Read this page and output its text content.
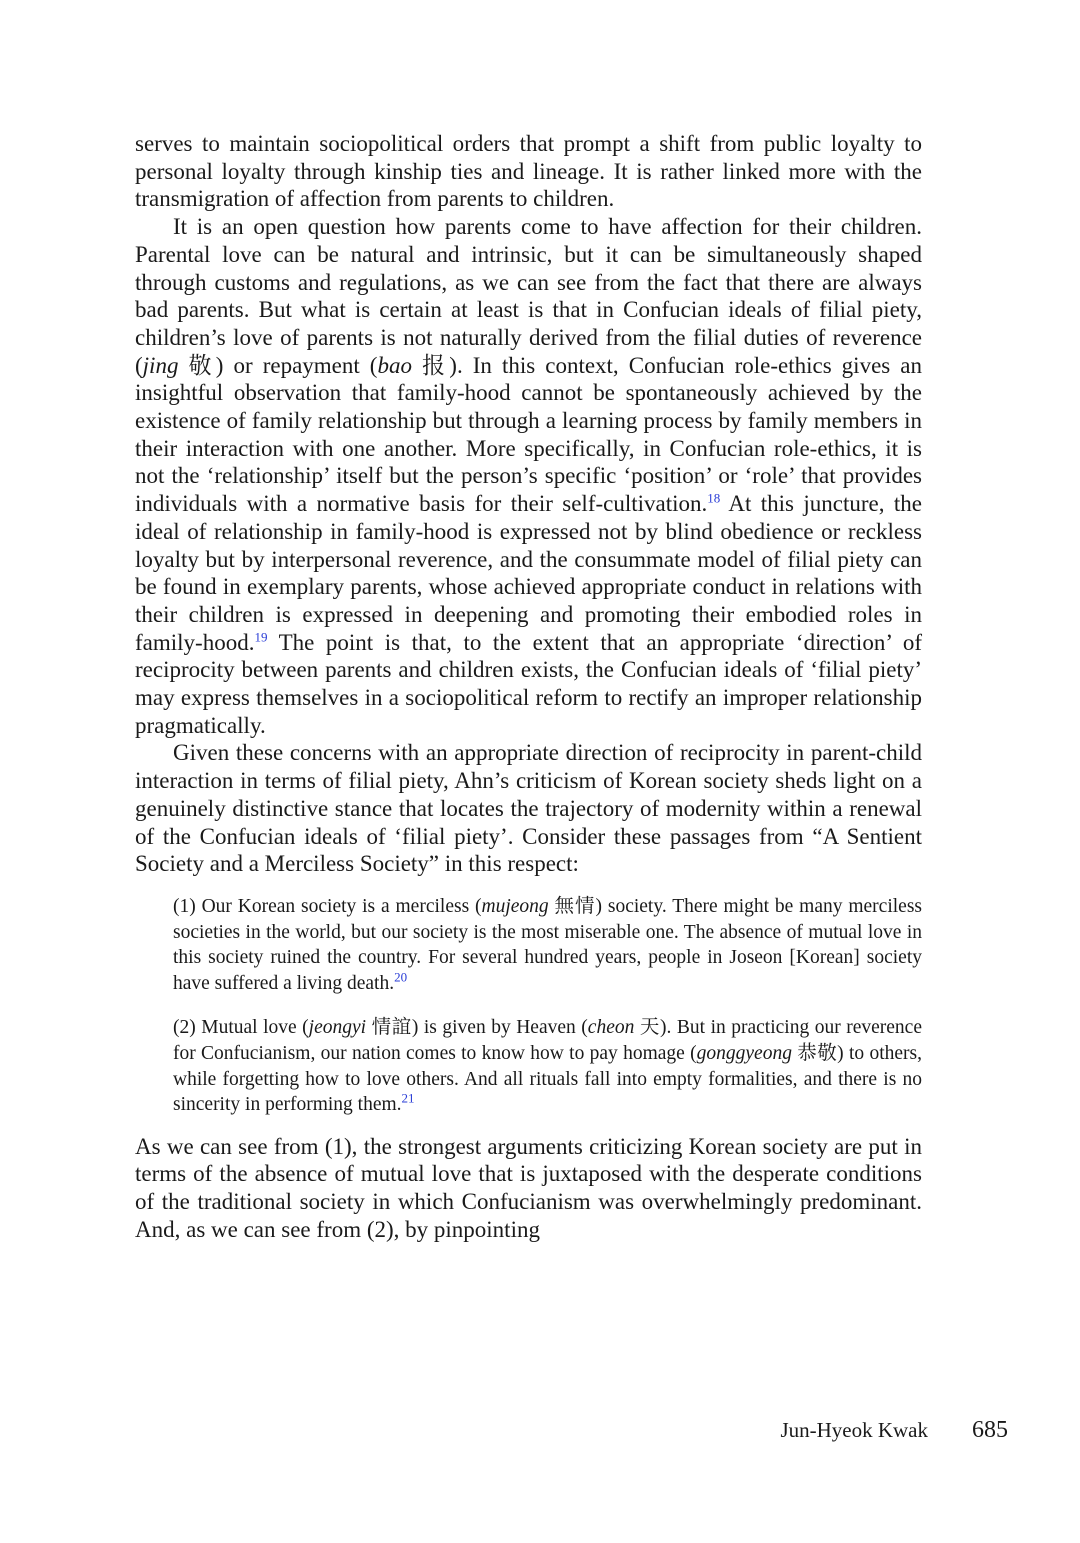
serves to maintain sociopolitical orders that prompt a shift from public loyalty to personal loyalty through kinship ties and lineage. It is rather linked more with the transmigration of affection from parents to children.

It is an open question how parents come to have affection for their children. Parental love can be natural and intrinsic, but it can be simultaneously shaped through customs and regulations, as we can see from the fact that there are always bad parents. But what is certain at least is that in Confucian ideals of filial piety, children’s love of parents is not naturally derived from the filial duties of reverence (jing 敬) or repayment (bao 报). In this context, Confucian role-ethics gives an insightful observation that family-hood cannot be spontaneously achieved by the existence of family relationship but through a learning process by family members in their interaction with one another. More specifically, in Confucian role-ethics, it is not the ‘relationship’ itself but the person’s specific ‘position’ or ‘role’ that provides individuals with a normative basis for their self-cultivation.$^{18}$ At this juncture, the ideal of relationship in family-hood is expressed not by blind obedience or reckless loyalty but by interpersonal reverence, and the consummate model of filial piety can be found in exemplary parents, whose achieved appropriate conduct in relations with their children is expressed in deepening and promoting their embodied roles in family-hood.$^{19}$ The point is that, to the extent that an appropriate ‘direction’ of reciprocity between parents and children exists, the Confucian ideals of ‘filial piety’ may express themselves in a sociopolitical reform to rectify an improper relationship pragmatically.

Given these concerns with an appropriate direction of reciprocity in parent-child interaction in terms of filial piety, Ahn’s criticism of Korean society sheds light on a genuinely distinctive stance that locates the trajectory of modernity within a renewal of the Confucian ideals of ‘filial piety’. Consider these passages from “A Sentient Society and a Merciless Society” in this respect:

(1) Our Korean society is a merciless (mujeong 無情) society. There might be many merciless societies in the world, but our society is the most miserable one. The absence of mutual love in this society ruined the country. For several hundred years, people in Joseon [Korean] society have suffered a living death.$^{20}$

(2) Mutual love (jeongyi 情誼) is given by Heaven (cheon 天). But in practicing our reverence for Confucianism, our nation comes to know how to pay homage (gonggyeong 恭敬) to others, while forgetting how to love others. And all rituals fall into empty formalities, and there is no sincerity in performing them.$^{21}$

As we can see from (1), the strongest arguments criticizing Korean society are put in terms of the absence of mutual love that is juxtaposed with the desperate conditions of the traditional society in which Confucianism was overwhelmingly predominant. And, as we can see from (2), by pinpointing

Jun-Hyeok Kwak 685
